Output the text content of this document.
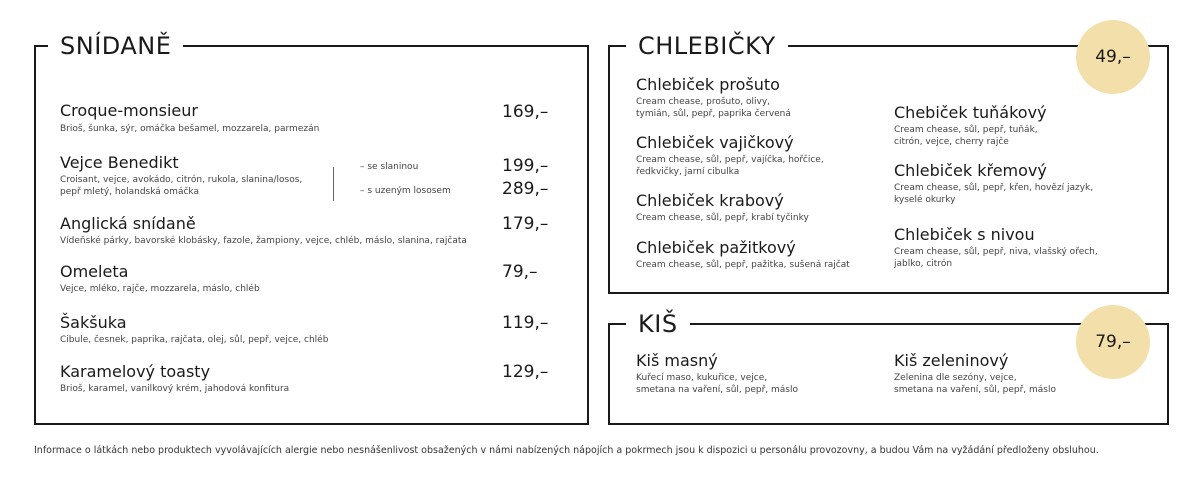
SNÍDANĚ
Croque-monsieur
Brioš, šunka, sýr, omáčka bešamel, mozzarela, parmezán
169,–
Vejce Benedikt
Croisant, vejce, avokádo, citrón, rukola, slanina/losos,
pepř mletý, holandská omáčka
– se slaninou	199,–
– s uzeným lososem	289,–
Anglická snídaně
Vídeňské párky, bavorské klobásky, fazole, žampiony, vejce, chléb, máslo, slanina, rajčata
179,–
Omeleta
Vejce, mléko, rajče, mozzarela, máslo, chléb
79,–
Šakšuka
Cibule, česnek, paprika, rajčata, olej, sůl, pepř, vejce, chléb
119,–
Karamelový toasty
Brioš, karamel, vanilkový krém, jahodová konfitura
129,–
CHLEBIČKY
Chlebiček prošuto
Cream chease, prošuto, olivy,
tymián, sůl, pepř, paprika červená
Chlebiček vajičkový
Cream chease, sůl, pepř, vajíčka, hořčice,
ředkvičky, jarní cibulka
Chlebiček krabový
Cream chease, sůl, pepř, krabí tyčinky
Chlebiček pažitkový
Cream chease, sůl, pepř, pažitka, sušená rajčat
Chebiček tuňákový
Cream chease, sůl, pepř, tuňák,
citrón, vejce, cherry rajče
Chlebiček křemový
Cream chease, sůl, pepř, křen, hovězí jazyk,
kyselé okurky
Chlebiček s nivou
Cream chease, sůl, pepř, niva, vlašský ořech,
jablko, citrón
49,–
KIŠ
Kiš masný
Kuřecí maso, kukuřice, vejce,
smetana na vaření, sůl, pepř, máslo
Kiš zeleninový
Zelenina dle sezóny, vejce,
smetana na vaření, sůl, pepř, máslo
79,–
Informace o látkách nebo produktech vyvolávajících alergie nebo nesnášenlivost obsažených v námi nabízených nápojích a pokrmech jsou k dispozici u personálu provozovny, a budou Vám na vyžádání předloženy obsluhou.
